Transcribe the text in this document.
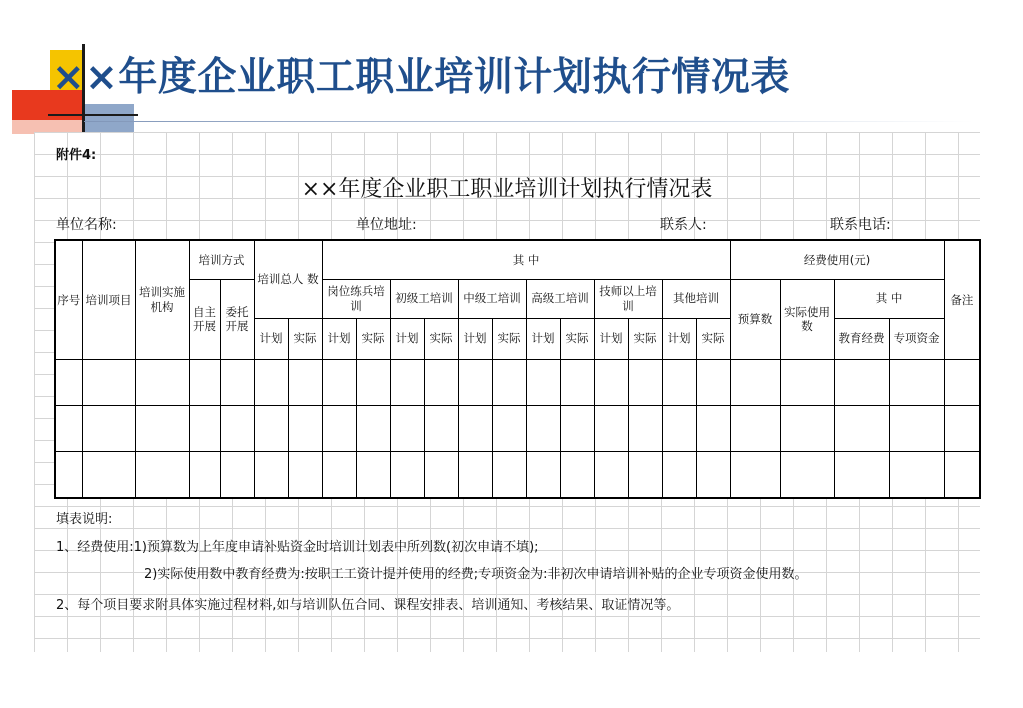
××年度企业职工职业培训计划执行情况表
附件4:
××年度企业职工职业培训计划执行情况表
单位名称:	单位地址:	联系人:	联系电话:
序号	培训项目	培训实施机构	培训方式		培训总人 数		其 中												经费使用(元)				备注
			自主开展	委托开展			岗位练兵培训		初级工培训		中级工培训		高级工培训		技师以上培训		其他培训		预算数	实际使用数	其 中		
					计划	实际	计划	实际	计划	实际	计划	实际	计划	实际	计划	实际	计划	实际			教育经费	专项资金	

填表说明:
1、经费使用:1)预算数为上年度申请补贴资金时培训计划表中所列数(初次申请不填);
2)实际使用数中教育经费为:按职工工资计提并使用的经费;专项资金为:非初次申请培训补贴的企业专项资金使用数。
2、每个项目要求附具体实施过程材料,如与培训队伍合同、课程安排表、培训通知、考核结果、取证情况等。
